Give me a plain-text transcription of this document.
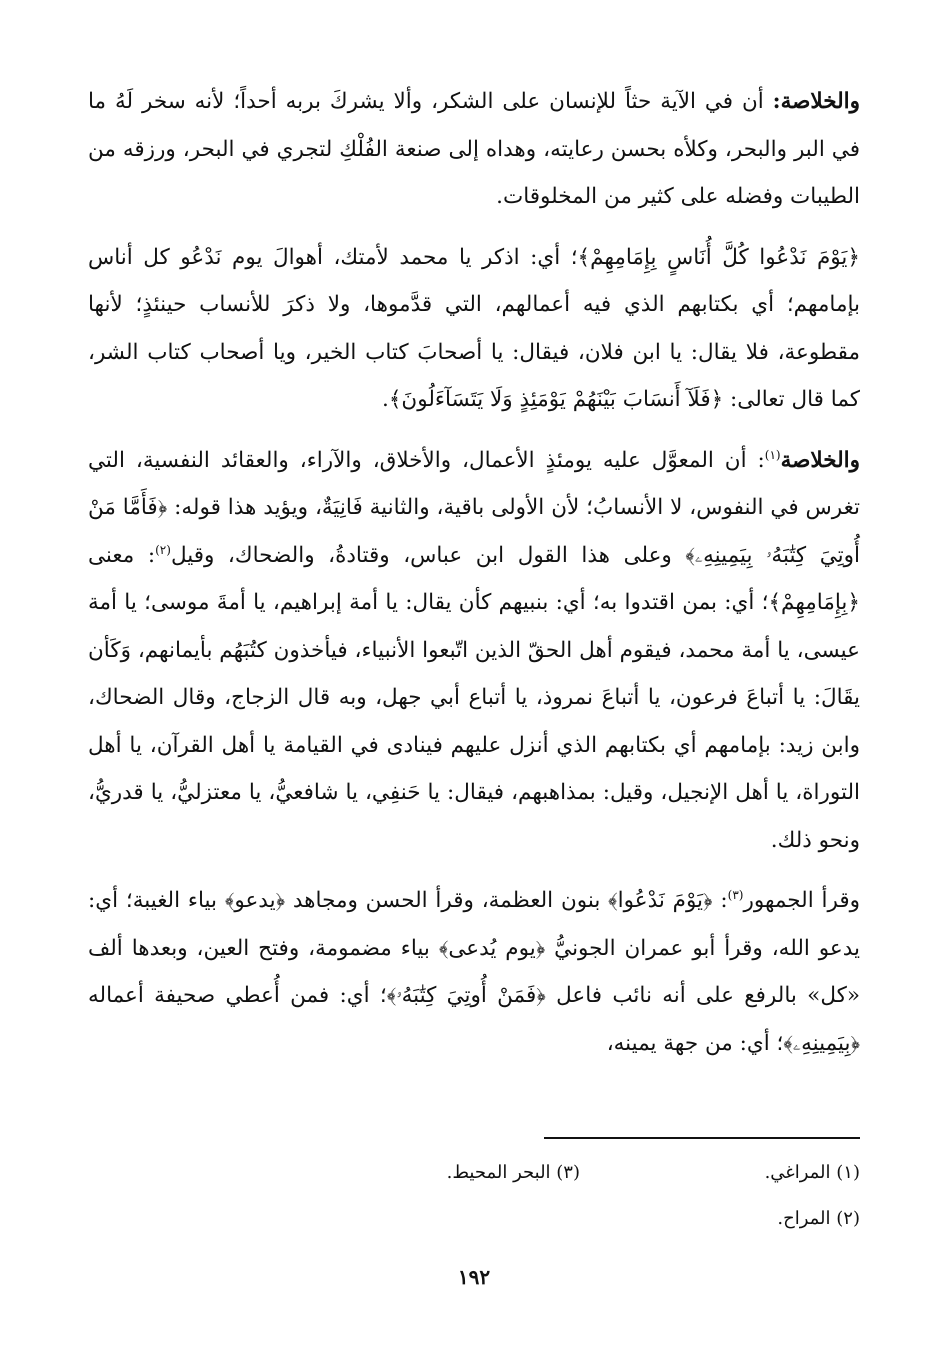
والخلاصة: أن في الآية حثاً للإنسان على الشكر، وألا يشركَ بربه أحداً؛ لأنه سخر لَهُ ما في البر والبحر، وكلأه بحسن رعايته، وهداه إلى صنعة الفُلْكِ لتجري في البحر، ورزقه من الطيبات وفضله على كثير من المخلوقات.

﴿يَوْمَ نَدْعُوا كُلَّ أُنَاسٍ بِإِمَامِهِمْ﴾؛ أي: اذكر يا محمد لأمتك، أهوالَ يوم نَدْعُو كل أناس بإمامهم؛ أي بكتابهم الذي فيه أعمالهم، التي قدَّموها، ولا ذكرَ للأنساب حينئذٍ؛ لأنها مقطوعة، فلا يقال: يا ابن فلان، فيقال: يا أصحابَ كتاب الخير، ويا أصحاب كتاب الشر، كما قال تعالى: ﴿فَلَآ أَنسَابَ بَيْنَهُمْ يَوْمَئِذٍ وَلَا يَتَسَآءَلُونَ﴾.

والخلاصة$^{(١)}$: أن المعوَّل عليه يومئذٍ الأعمال، والأخلاق، والآراء، والعقائد النفسية، التي تغرس في النفوس، لا الأنسابُ؛ لأن الأولى باقية، والثانية فَانِيَةٌ، ويؤيد هذا قوله: ﴿فَأَمَّا مَنْ أُوتِيَ كِتَٰبَهُۥ بِيَمِينِهِۦ﴾ وعلى هذا القول ابن عباس، وقتادةُ، والضحاك، وقيل$^{(٢)}$: معنى ﴿بِإِمَامِهِمْ﴾؛ أي: بمن اقتدوا به؛ أي: بنبيهم كأن يقال: يا أمة إبراهيم، يا أمةَ موسى؛ يا أمة عيسى، يا أمة محمد، فيقوم أهل الحقّ الذين اتّبعوا الأنبياء، فيأخذون كتُبَهُم بأيمانهم، وَكَأن يقَالَ: يا أتباعَ فرعون، يا أتباعَ نمروذ، يا أتباع أبي جهل، وبه قال الزجاج، وقال الضحاك، وابن زيد: بإمامهم أي بكتابهم الذي أنزل عليهم فينادى في القيامة يا أهل القرآن، يا أهل التوراة، يا أهل الإنجيل، وقيل: بمذاهبهم، فيقال: يا حَنفِي، يا شافعيُّ، يا معتزليُّ، يا قدريُّ، ونحو ذلك.

وقرأ الجمهور$^{(٣)}$: ﴿يَوْمَ نَدْعُوا﴾ بنون العظمة، وقرأ الحسن ومجاهد ﴿يدعو﴾ بياء الغيبة؛ أي: يدعو الله، وقرأ أبو عمران الجونيُّ ﴿يوم يُدعى﴾ بياء مضمومة، وفتح العين، وبعدها ألف «كل» بالرفع على أنه نائب فاعل ﴿فَمَنْ أُوتِيَ كِتَٰبَهُۥ﴾؛ أي: فمن أُعطي صحيفة أعماله ﴿بِيَمِينِهِۦ﴾؛ أي: من جهة يمينه،

(١) المراغي.
(٣) البحر المحيط.
(٢) المراح.
١٩٢
